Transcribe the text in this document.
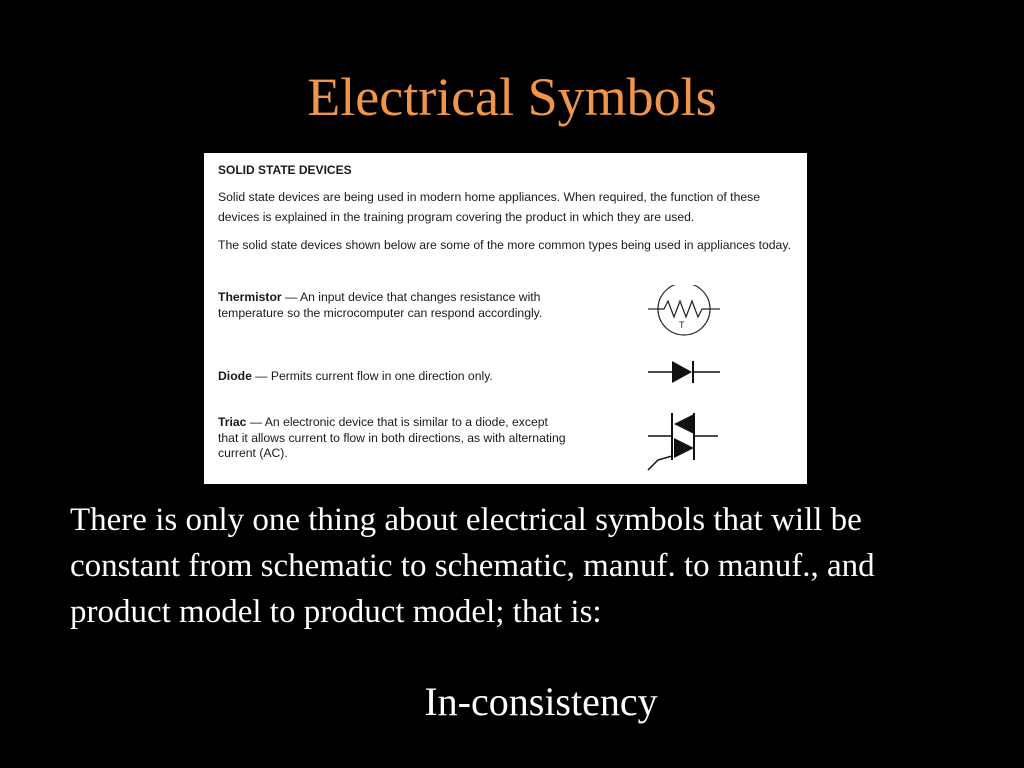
Electrical Symbols
SOLID STATE DEVICES
Solid state devices are being used in modern home appliances. When required, the function of these devices is explained in the training program covering the product in which they are used.
The solid state devices shown below are some of the more common types being used in appliances today.
Thermistor — An input device that changes resistance with temperature so the microcomputer can respond accordingly.
Diode — Permits current flow in one direction only.
Triac — An electronic device that is similar to a diode, except that it allows current to flow in both directions, as with alternating current (AC).
T
There is only one thing about electrical symbols that will be constant from schematic to schematic, manuf. to manuf., and product model to product model; that is:
In-consistency
